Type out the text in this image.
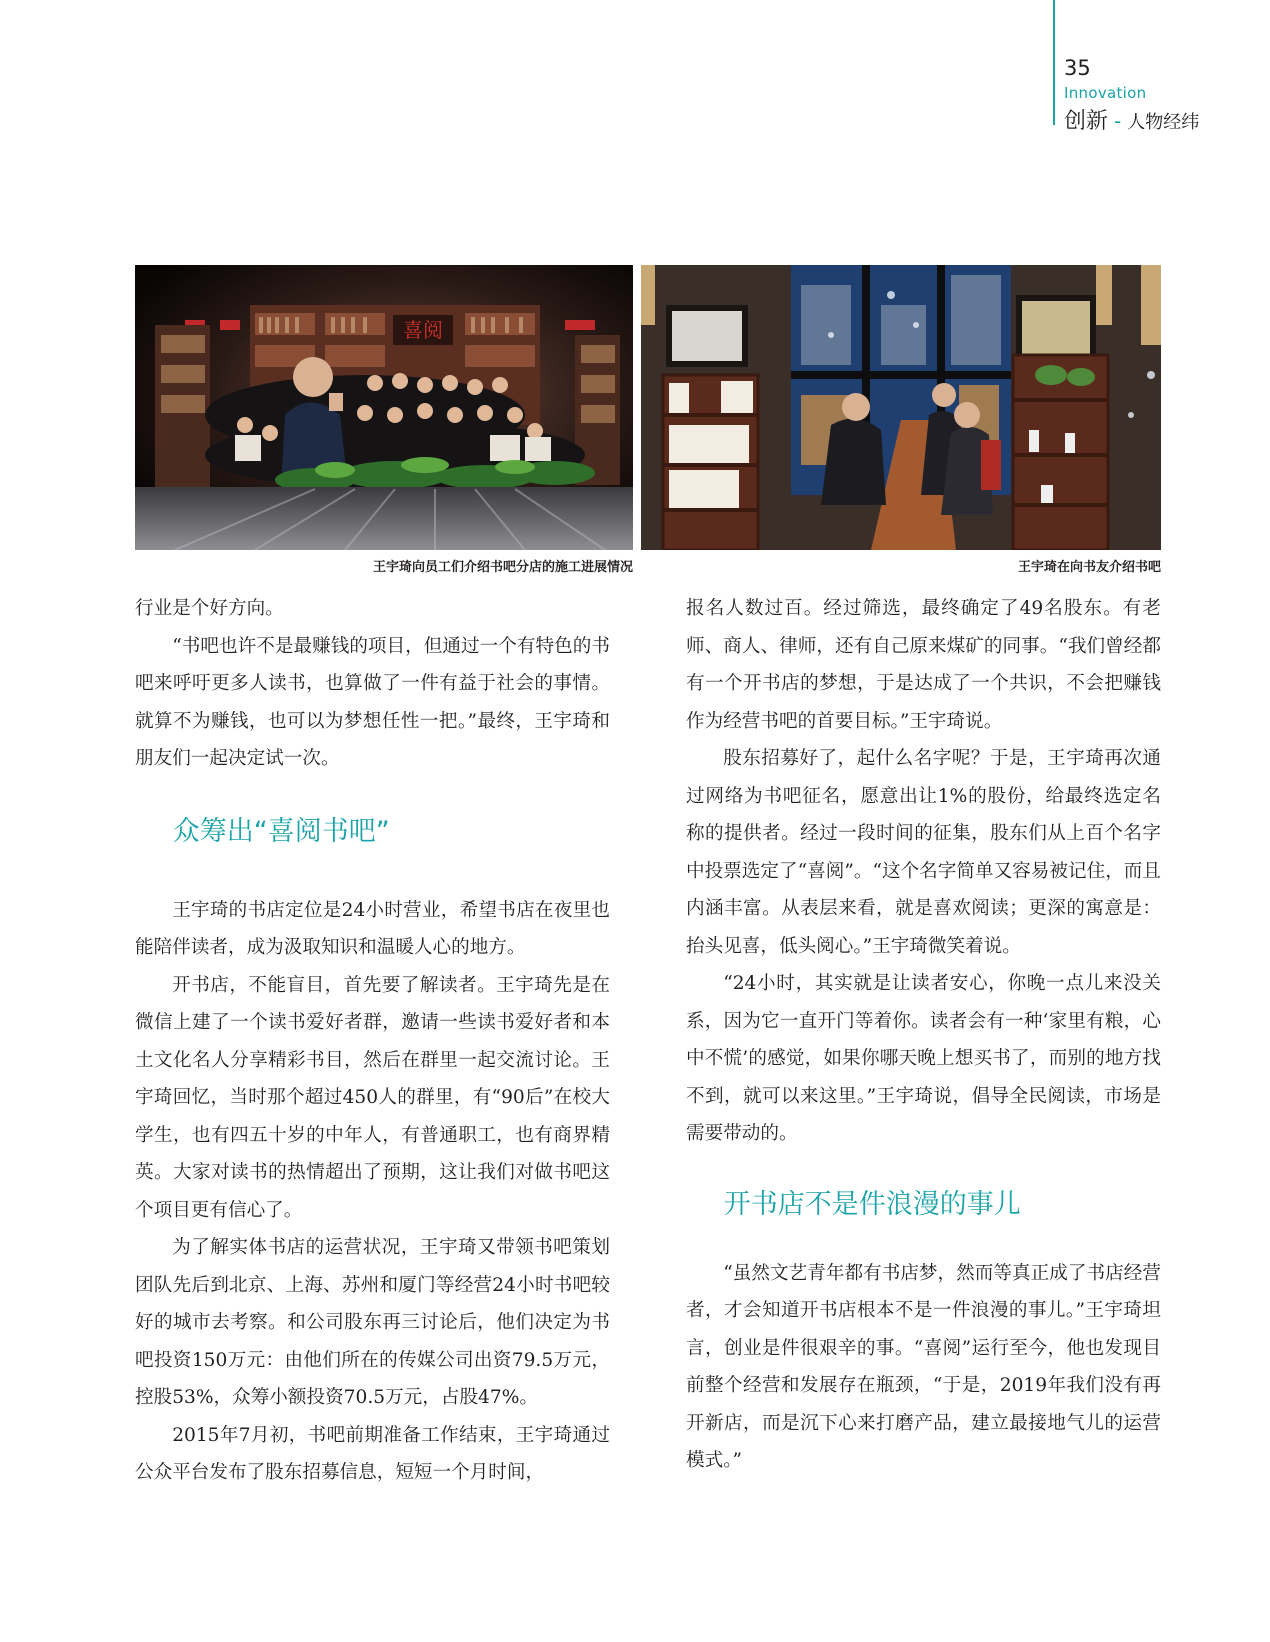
35
Innovation
创新 - 人物经纬
喜阅
王宇琦向员工们介绍书吧分店的施工进展情况	王宇琦在向书友介绍书吧

行业是个好方向。

“书吧也许不是最赚钱的项目，但通过一个有特色的书吧来呼吁更多人读书，也算做了一件有益于社会的事情。就算不为赚钱，也可以为梦想任性一把。”最终，王宇琦和朋友们一起决定试一次。

众筹出“喜阅书吧”

王宇琦的书店定位是24小时营业，希望书店在夜里也能陪伴读者，成为汲取知识和温暖人心的地方。

开书店，不能盲目，首先要了解读者。王宇琦先是在微信上建了一个读书爱好者群，邀请一些读书爱好者和本土文化名人分享精彩书目，然后在群里一起交流讨论。王宇琦回忆，当时那个超过450人的群里，有“90后”在校大学生，也有四五十岁的中年人，有普通职工，也有商界精英。大家对读书的热情超出了预期，这让我们对做书吧这个项目更有信心了。

为了解实体书店的运营状况，王宇琦又带领书吧策划团队先后到北京、上海、苏州和厦门等经营24小时书吧较好的城市去考察。和公司股东再三讨论后，他们决定为书吧投资150万元：由他们所在的传媒公司出资79.5万元，控股53%，众筹小额投资70.5万元，占股47%。

2015年7月初，书吧前期准备工作结束，王宇琦通过公众平台发布了股东招募信息，短短一个月时间，

报名人数过百。经过筛选，最终确定了49名股东。有老师、商人、律师，还有自己原来煤矿的同事。“我们曾经都有一个开书店的梦想，于是达成了一个共识，不会把赚钱作为经营书吧的首要目标。”王宇琦说。

股东招募好了，起什么名字呢？于是，王宇琦再次通过网络为书吧征名，愿意出让1%的股份，给最终选定名称的提供者。经过一段时间的征集，股东们从上百个名字中投票选定了“喜阅”。“这个名字简单又容易被记住，而且内涵丰富。从表层来看，就是喜欢阅读；更深的寓意是：抬头见喜，低头阅心。”王宇琦微笑着说。

“24小时，其实就是让读者安心，你晚一点儿来没关系，因为它一直开门等着你。读者会有一种‘家里有粮，心中不慌’的感觉，如果你哪天晚上想买书了，而别的地方找不到，就可以来这里。”王宇琦说，倡导全民阅读，市场是需要带动的。

开书店不是件浪漫的事儿

“虽然文艺青年都有书店梦，然而等真正成了书店经营者，才会知道开书店根本不是一件浪漫的事儿。”王宇琦坦言，创业是件很艰辛的事。“喜阅”运行至今，他也发现目前整个经营和发展存在瓶颈，“于是，2019年我们没有再开新店，而是沉下心来打磨产品，建立最接地气儿的运营模式。”
